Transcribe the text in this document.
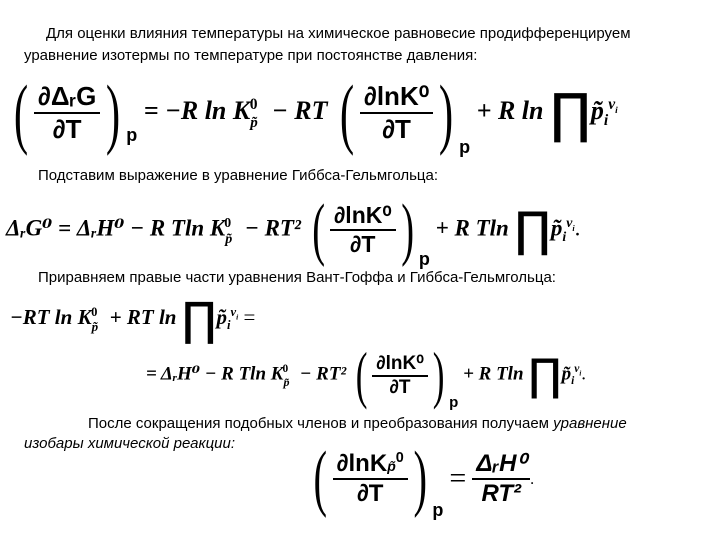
Для оценки влияния температуры на химическое равновесие продифференцируем
уравнение изотермы по температуре при постоянстве давления:
( $\frac{\text{∂ΔᵣG}}{\partial T}$ ) $_p$ = −R $\ln K_{p̃}^0$ − RT ( $\frac{\text{∂lnK⁰}}{\partial T}$ ) $_p$ + R $\ln \prod p̃_i^{\nu_i}$
Подставим выражение в уравнение Гиббса-Гельмгольца:
ΔᵣG⁰ = ΔᵣH⁰ − R Tln $K_{p̃}^0 - RT^2$ ( $\frac{\text{∂lnK⁰}}{\partial T}$ ) $_p$ + R Tln $\prod p̃_i^{\nu_i}$.
Приравняем правые части уравнения Вант-Гоффа и Гиббса-Гельмгольца:
−RT $\ln K_{p̃}^0$ + RT $\ln \prod p̃_i^{\nu_i}$ =
= ΔᵣH⁰ − R Tln $K_{p̃}^0 - RT^2$ ( $\frac{\text{∂lnK⁰}}{\partial T}$ ) $_p$ + R Tln $\prod p̃_i^{\nu_i}$.
После сокращения подобных членов и преобразования получаем уравнение
изобары химической реакции: ( $\frac{\partial lnKp̃^0}{\partial T}$ ) $_p = \frac{\text{ΔᵣH⁰}}{\text{RT²}}$ .
